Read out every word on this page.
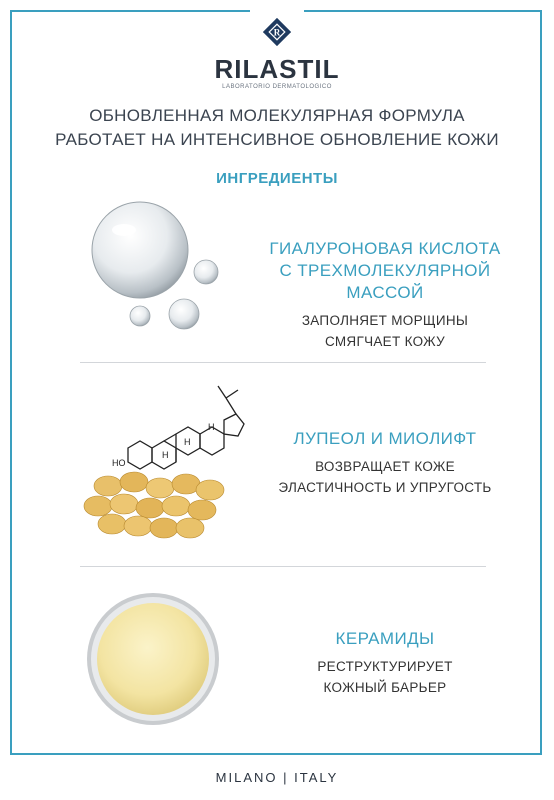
R
RILASTIL
LABORATORIO DERMATOLOGICO
ОБНОВЛЕННАЯ МОЛЕКУЛЯРНАЯ ФОРМУЛА
РАБОТАЕТ НА ИНТЕНСИВНОЕ ОБНОВЛЕНИЕ КОЖИ
ИНГРЕДИЕНТЫ
ГИАЛУРОНОВАЯ КИСЛОТА
С ТРЕХМОЛЕКУЛЯРНОЙ
МАССОЙ
ЗАПОЛНЯЕТ МОРЩИНЫ
СМЯГЧАЕТ КОЖУ
H
H
H
HO
ЛУПЕОЛ И МИОЛИФТ
ВОЗВРАЩАЕТ КОЖЕ
ЭЛАСТИЧНОСТЬ И УПРУГОСТЬ
КЕРАМИДЫ
РЕСТРУКТУРИРУЕТ
КОЖНЫЙ БАРЬЕР
MILANO | ITALY
